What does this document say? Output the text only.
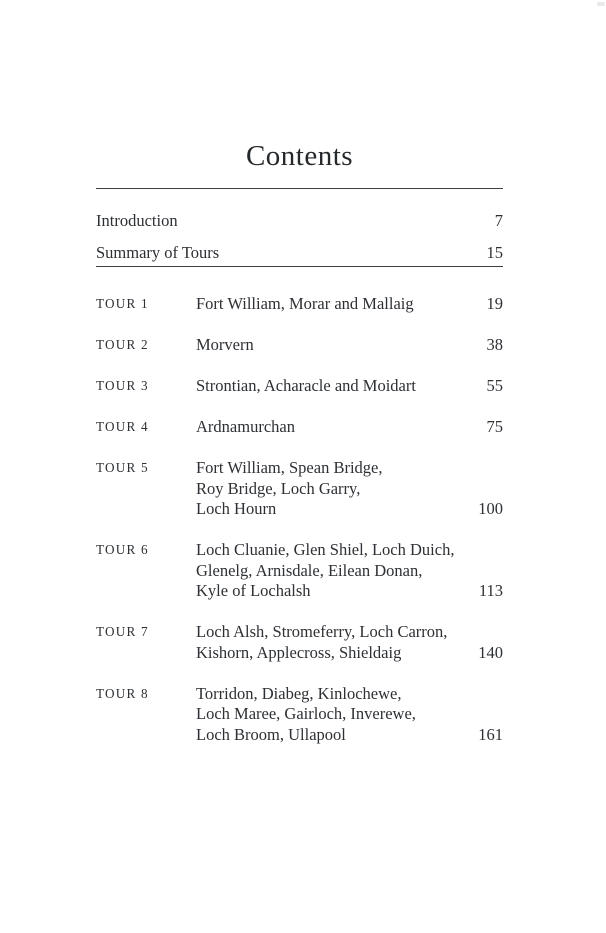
Contents
Introduction	7
Summary of Tours	15
TOUR 1	Fort William, Morar and Mallaig	19
TOUR 2	Morvern	38
TOUR 3	Strontian, Acharacle and Moidart	55
TOUR 4	Ardnamurchan	75
TOUR 5	Fort William, Spean Bridge,
Roy Bridge, Loch Garry,
Loch Hourn	100
TOUR 6	Loch Cluanie, Glen Shiel, Loch Duich,
Glenelg, Arnisdale, Eilean Donan,
Kyle of Lochalsh	113
TOUR 7	Loch Alsh, Stromeferry, Loch Carron,
Kishorn, Applecross, Shieldaig	140
TOUR 8	Torridon, Diabeg, Kinlochewe,
Loch Maree, Gairloch, Inverewe,
Loch Broom, Ullapool	161
